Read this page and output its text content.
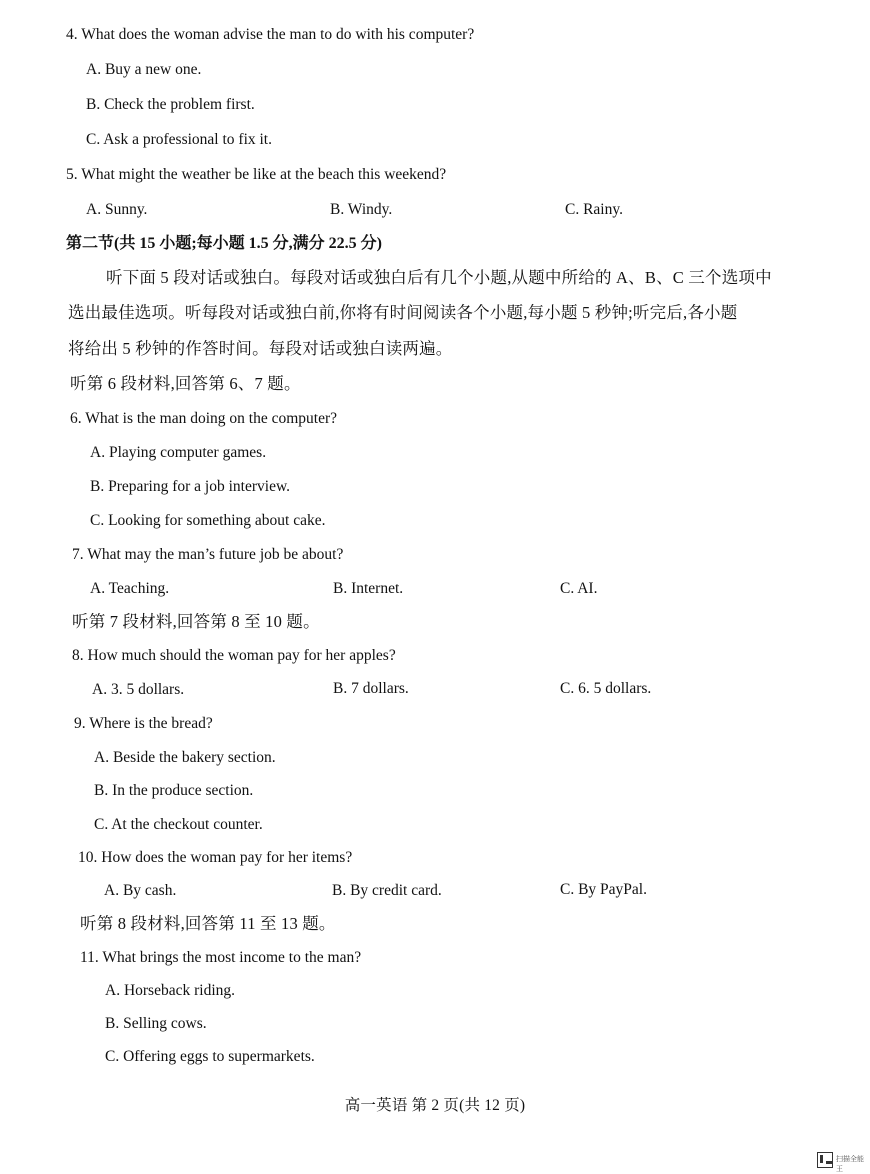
4. What does the woman advise the man to do with his computer?
A. Buy a new one.
B. Check the problem first.
C. Ask a professional to fix it.
5. What might the weather be like at the beach this weekend?
A. Sunny.	B. Windy.	C. Rainy.
第二节(共 15 小题;每小题 1.5 分,满分 22.5 分)
听下面 5 段对话或独白。每段对话或独白后有几个小题,从题中所给的 A、B、C 三个选项中
选出最佳选项。听每段对话或独白前,你将有时间阅读各个小题,每小题 5 秒钟;听完后,各小题
将给出 5 秒钟的作答时间。每段对话或独白读两遍。
听第 6 段材料,回答第 6、7 题。
6. What is the man doing on the computer?
A. Playing computer games.
B. Preparing for a job interview.
C. Looking for something about cake.
7. What may the man’s future job be about?
A. Teaching.	B. Internet.	C. AI.
听第 7 段材料,回答第 8 至 10 题。
8. How much should the woman pay for her apples?
A. 3. 5 dollars.	B. 7 dollars.	C. 6. 5 dollars.
9. Where is the bread?
A. Beside the bakery section.
B. In the produce section.
C. At the checkout counter.
10. How does the woman pay for her items?
A. By cash.	B. By credit card.	C. By PayPal.
听第 8 段材料,回答第 11 至 13 题。
11. What brings the most income to the man?
A. Horseback riding.
B. Selling cows.
C. Offering eggs to supermarkets.
高一英语 第 2 页(共 12 页)
扫描全能王
